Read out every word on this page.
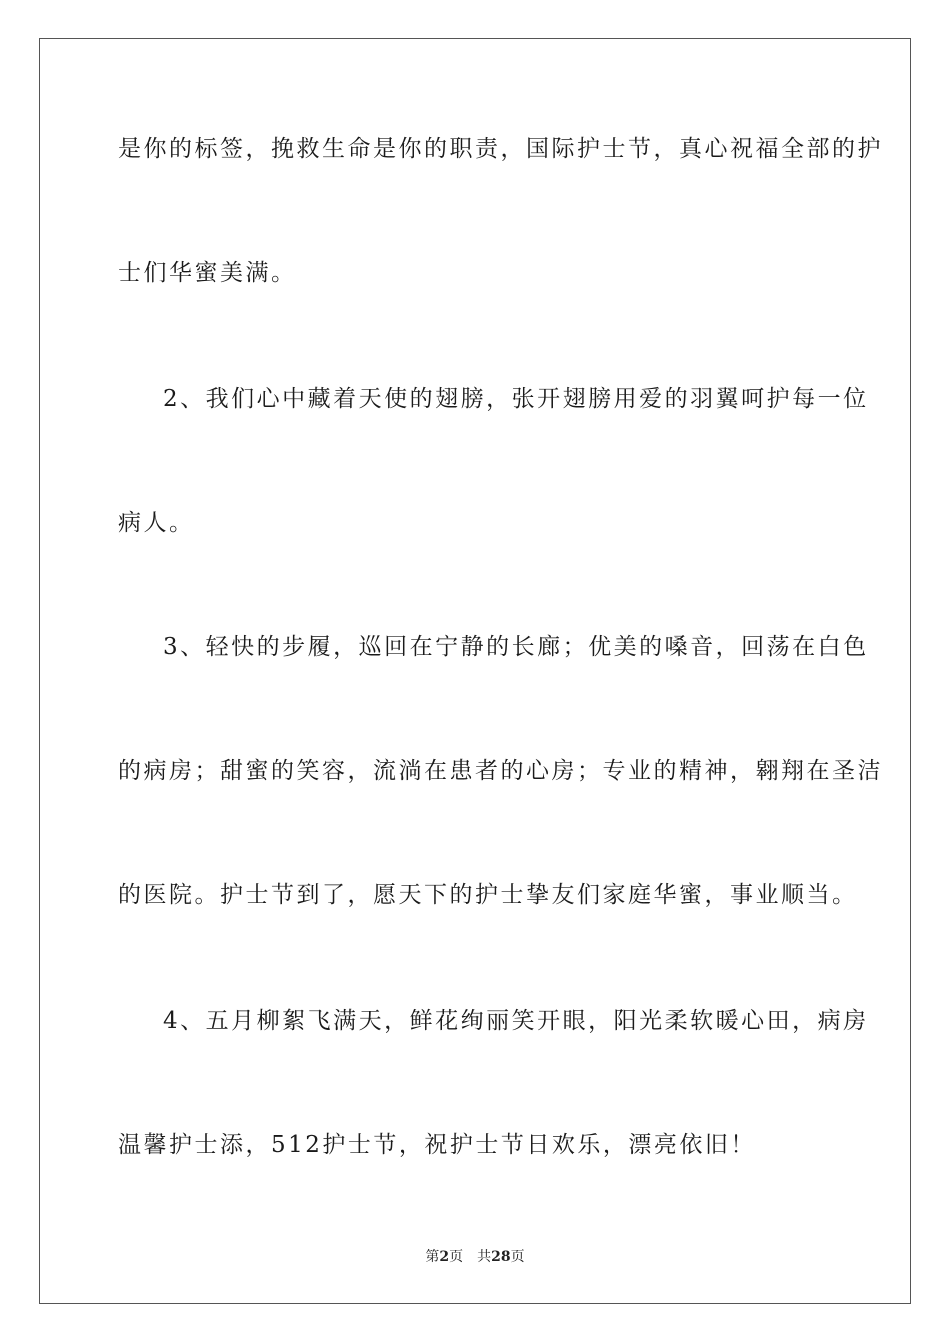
是你的标签，挽救生命是你的职责，国际护士节，真心祝福全部的护
士们华蜜美满。
2、我们心中藏着天使的翅膀，张开翅膀用爱的羽翼呵护每一位
病人。
3、轻快的步履，巡回在宁静的长廊；优美的嗓音，回荡在白色
的病房；甜蜜的笑容，流淌在患者的心房；专业的精神，翱翔在圣洁
的医院。护士节到了，愿天下的护士挚友们家庭华蜜，事业顺当。
4、五月柳絮飞满天，鲜花绚丽笑开眼，阳光柔软暖心田，病房
温馨护士添，512护士节，祝护士节日欢乐，漂亮依旧！
第2页 共28页
